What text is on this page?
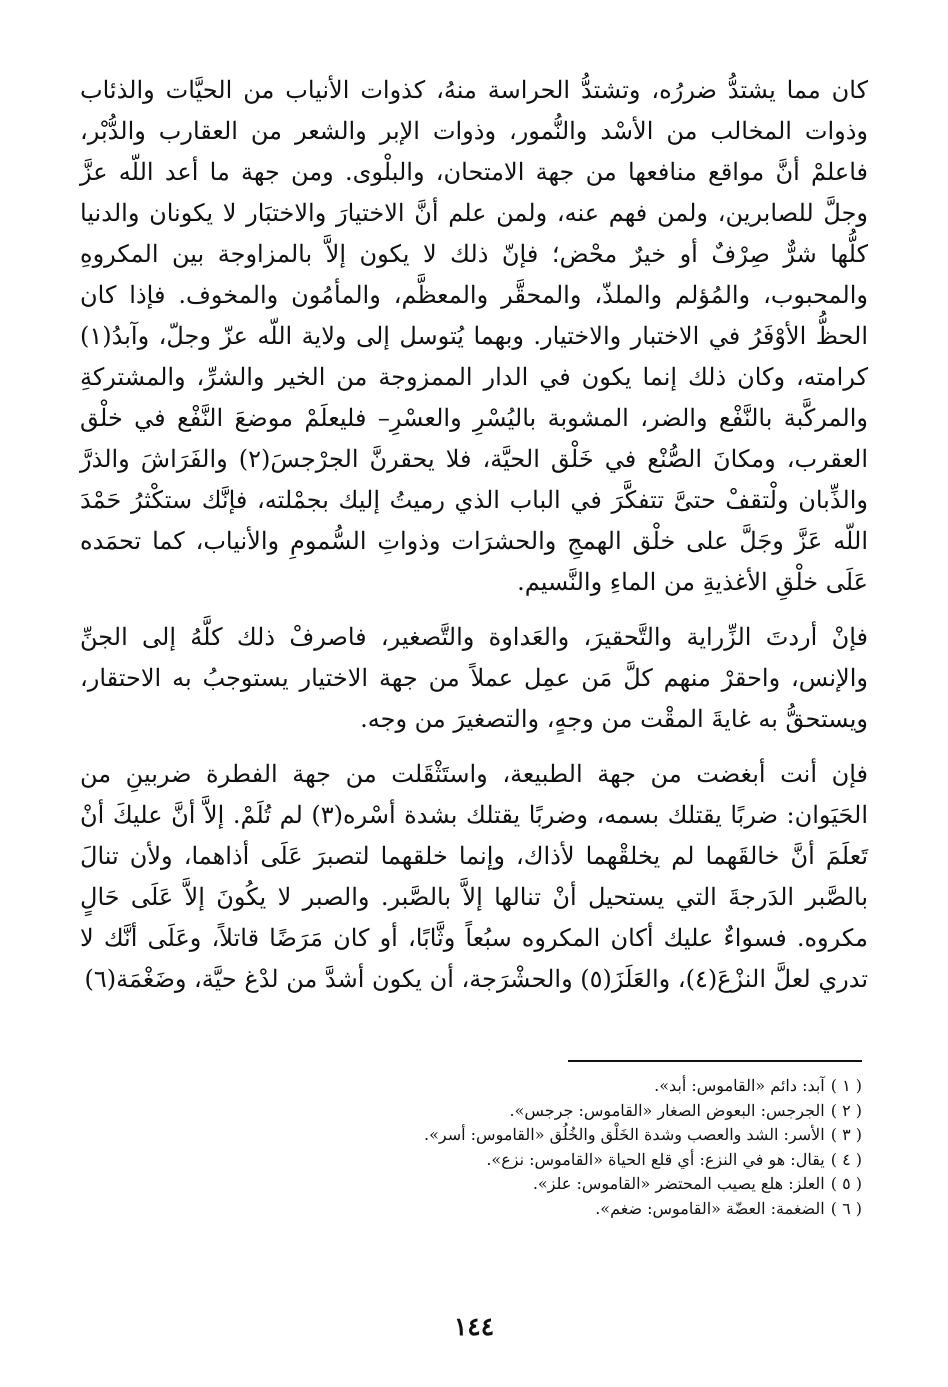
كان مما يشتدُّ ضررُه، وتشتدُّ الحراسة منهُ، كذوات الأنياب من الحيَّات والذئاب وذوات المخالب من الأسْد والنُّمور، وذوات الإبر والشعر من العقارب والدُّبْر، فاعلمْ أنَّ مواقع منافعها من جهة الامتحان، والبلْوى. ومن جهة ما أعد اللّه عزَّ وجلَّ للصابرين، ولمن فهم عنه، ولمن علم أنَّ الاختيارَ والاختبَار لا يكونان والدنيا كلُّها شرٌّ صِرْفٌ أو خيرٌ محْض؛ فإنّ ذلك لا يكون إلاَّ بالمزاوجة بين المكروهِ والمحبوب، والمُؤلم والملذّ، والمحقَّر والمعظَّم، والمأمُون والمخوف. فإذا كان الحظُّ الأوْفَرُ في الاختبار والاختيار. وبهما يُتوسل إلى ولاية اللّه عزّ وجلّ، وآبدُ(١) كرامته، وكان ذلك إنما يكون في الدار الممزوجة من الخير والشرِّ، والمشتركةِ والمركَّبة بالنَّفْع والضر، المشوبة باليُسْرِ والعسْرِ– فليعلَمْ موضعَ النَّفْع في خلْق العقرب، ومكانَ الصُّنْع في خَلْق الحيَّة، فلا يحقرنَّ الجرْجسَ(٢) والفَرَاشَ والذرَّ والذِّبان ولْتقفْ حتىَّ تتفكَّرَ في الباب الذي رميتُ إليك بجمْلته، فإنَّك ستكْثرُ حَمْدَ اللّه عَزَّ وجَلَّ على خلْق الهمجِ والحشرَات وذواتِ السُّمومِ والأنياب، كما تحمَده عَلَى خلْقِ الأغذيةِ من الماءِ والنَّسيم.

فإنْ أردتَ الزِّراية والتَّحقيرَ، والعَداوة والتَّصغير، فاصرفْ ذلك كلَّهُ إلى الجنِّ والإنس، واحقرْ منهم كلَّ مَن عمِل عملاً من جهة الاختيار يستوجبُ به الاحتقار، ويستحقُّ به غايةَ المقْت من وجهٍ، والتصغيرَ من وجه.

فإن أنت أبغضت من جهة الطبيعة، واستَثْقَلت من جهة الفطرة ضربينِ من الحَيَوان: ضربًا يقتلك بسمه، وضربًا يقتلك بشدة أسْره(٣) لم تُلَمْ. إلاَّ أنَّ عليكَ أنْ تَعلَمَ أنَّ خالقَهما لم يخلقْهما لأذاك، وإنما خلقهما لتصبرَ عَلَى أذاهما، ولأن تنالَ بالصَّبر الدَرجةَ التي يستحيل أنْ تنالها إلاَّ بالصَّبر. والصبر لا يكُونَ إلاَّ عَلَى حَالٍ مكروه. فسواءٌ عليك أكان المكروه سبُعاً وثَّابًا، أو كان مَرَضًا قاتلاً، وعَلَى أنَّك لا تدري لعلَّ النزْعَ(٤)، والعَلَزَ(٥) والحشْرَجة، أن يكون أشدَّ من لدْغ حيَّة، وضَغْمَة(٦)

( ١ )آبد: دائم «القاموس: أبد».
( ٢ )الجرجس: البعوض الصغار «القاموس: جرجس».
( ٣ )الأسر: الشد والعصب وشدة الخَلْق والخُلُق «القاموس: أسر».
( ٤ )يقال: هو في النزع: أي قلع الحياة «القاموس: نزع».
( ٥ )العلز: هلع يصيب المحتضر «القاموس: علز».
( ٦ )الضغمة: العضّة «القاموس: ضغم».
١٤٤
